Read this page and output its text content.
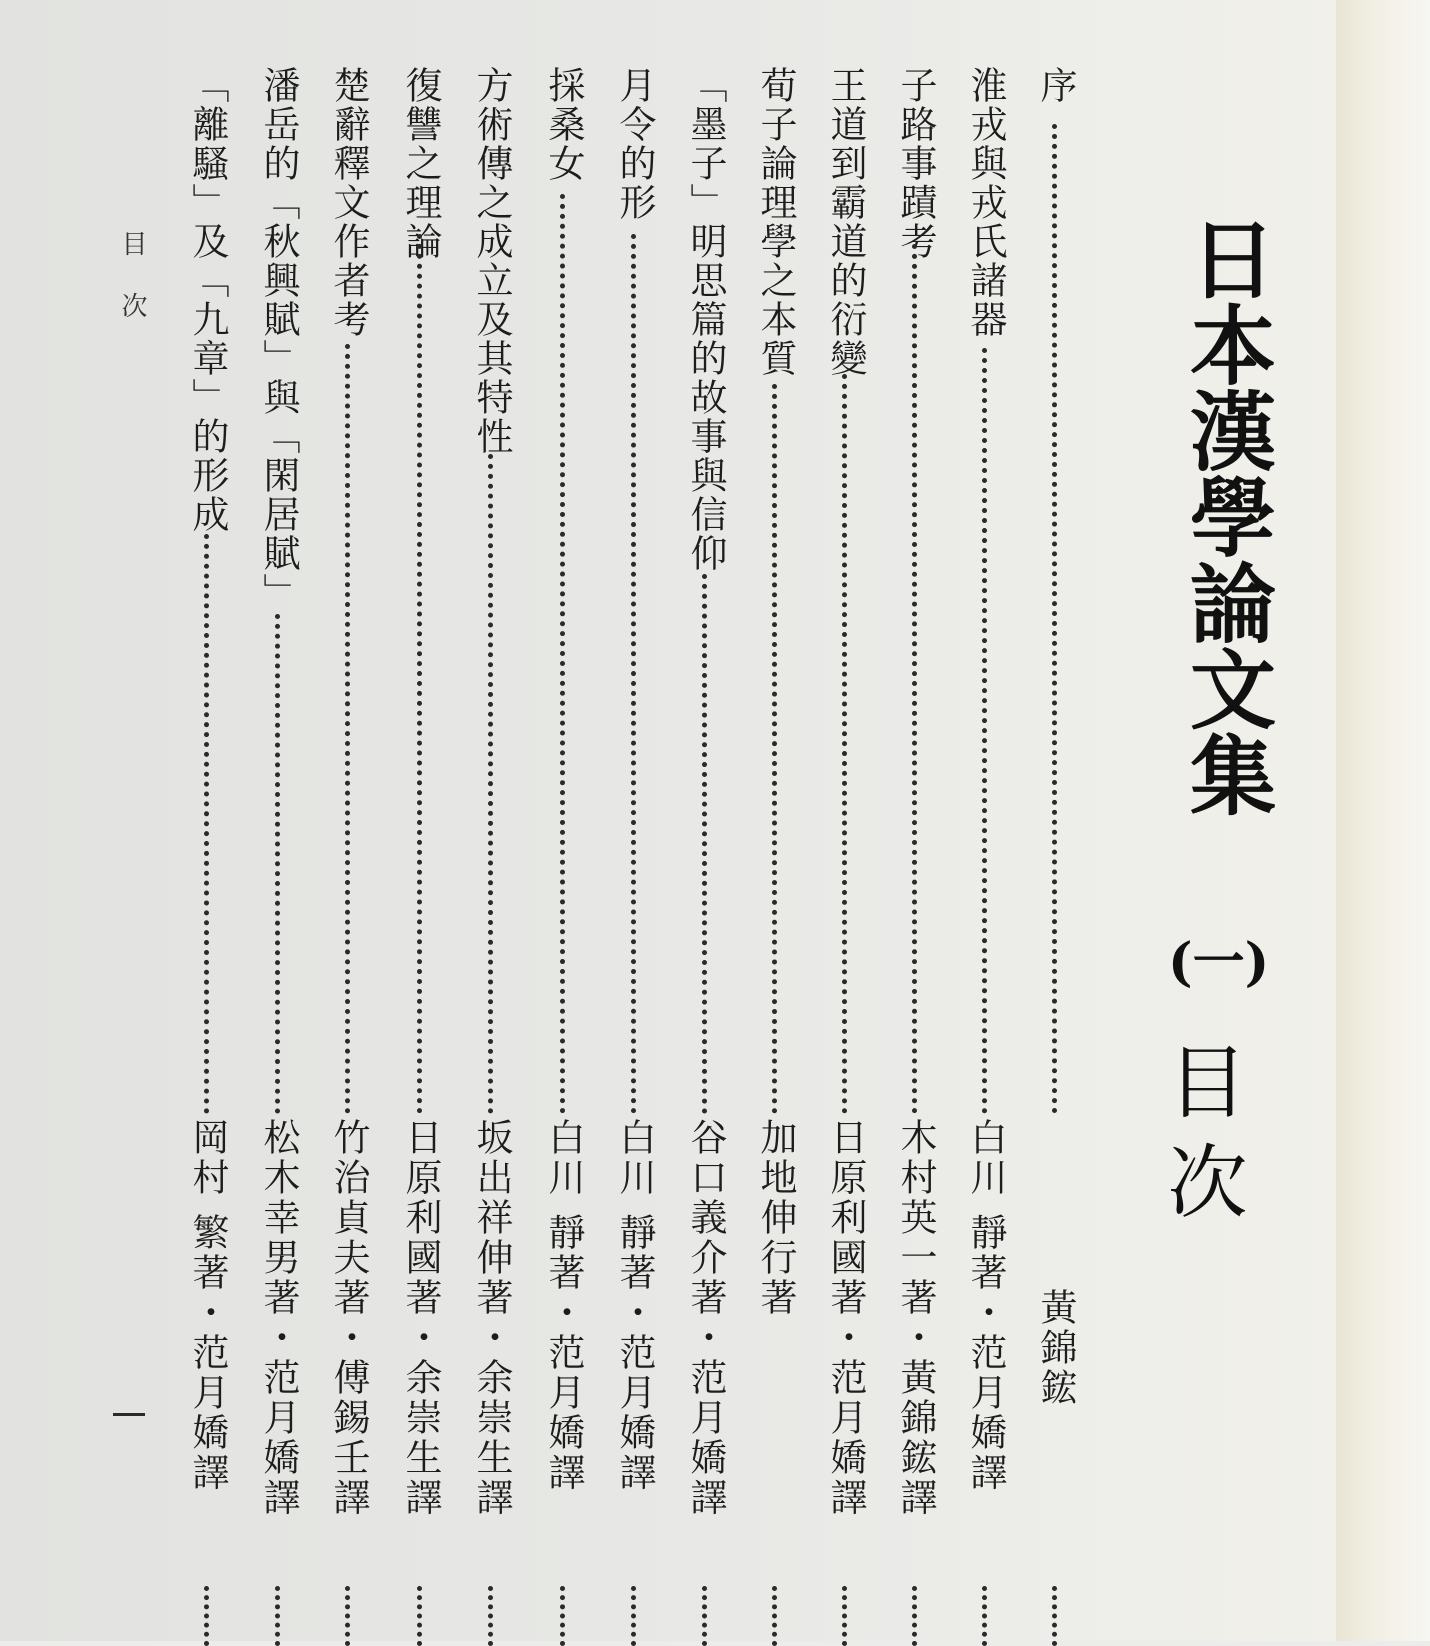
日本漢學論文集
(一)
目次
序
黃錦鋐
淮戎與戎氏諸器
白川 靜著・范月嬌譯
子路事蹟考
木村英一著・黃錦鋐譯
王道到霸道的衍變
日原利國著・范月嬌譯
荀子論理學之本質
加地伸行著
「墨子」明思篇的故事與信仰
谷口義介著・范月嬌譯
月令的形
白川 靜著・范月嬌譯
採桑女
白川 靜著・范月嬌譯
方術傳之成立及其特性
坂出祥伸著・余崇生譯
復讐之理論
日原利國著・余崇生譯
楚辭釋文作者考
竹治貞夫著・傅錫壬譯
潘岳的「秋興賦」與「閑居賦」
松木幸男著・范月嬌譯
「離騷」及「九章」的形成
岡村 繁著・范月嬌譯
目次
